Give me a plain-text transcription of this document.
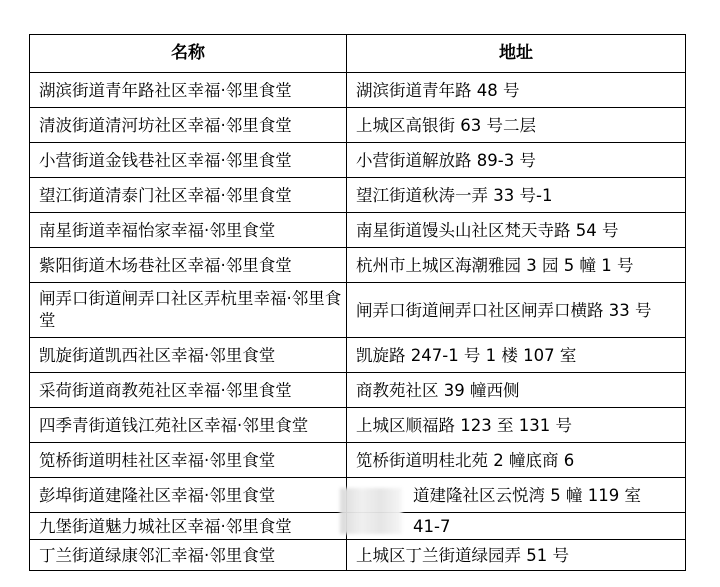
名称	地址
湖滨街道青年路社区幸福·邻里食堂	湖滨街道青年路 48 号
清波街道清河坊社区幸福·邻里食堂	上城区高银街 63 号二层
小营街道金钱巷社区幸福·邻里食堂	小营街道解放路 89-3 号
望江街道清泰门社区幸福·邻里食堂	望江街道秋涛一弄 33 号-1
南星街道幸福怡家幸福·邻里食堂	南星街道馒头山社区梵天寺路 54 号
紫阳街道木场巷社区幸福·邻里食堂	杭州市上城区海潮雅园 3 园 5 幢 1 号
闸弄口街道闸弄口社区弄杭里幸福·邻里食堂	闸弄口街道闸弄口社区闸弄口横路 33 号
凯旋街道凯西社区幸福·邻里食堂	凯旋路 247-1 号 1 楼 107 室
采荷街道商教苑社区幸福·邻里食堂	商教苑社区 39 幢西侧
四季青街道钱江苑社区幸福·邻里食堂	上城区顺福路 123 至 131 号
笕桥街道明桂社区幸福·邻里食堂	笕桥街道明桂北苑 2 幢底商 6
彭埠街道建隆社区幸福·邻里食堂	道建隆社区云悦湾 5 幢 119 室
九堡街道魅力城社区幸福·邻里食堂	41-7
丁兰街道绿康邻汇幸福·邻里食堂	上城区丁兰街道绿园弄 51 号
